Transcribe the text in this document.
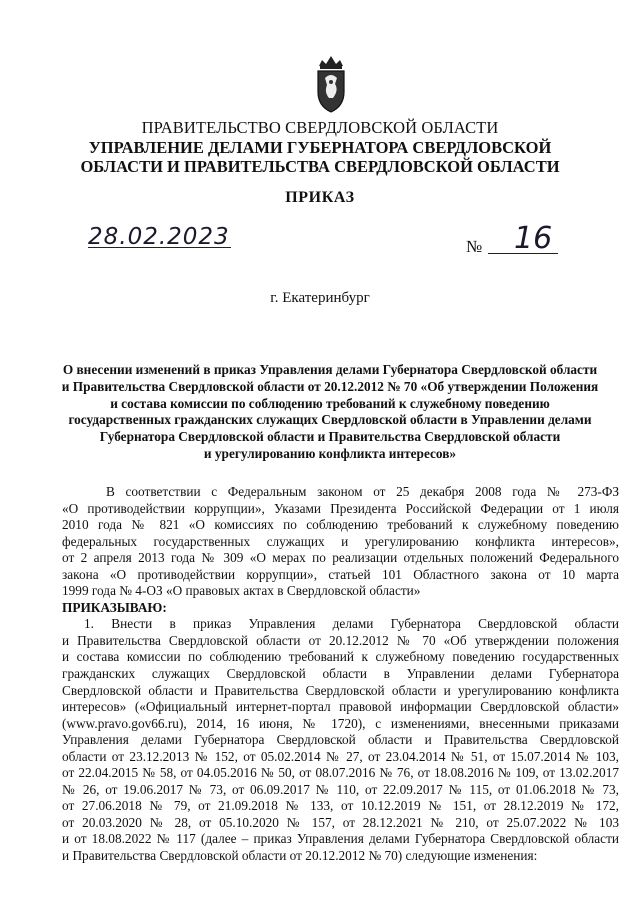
ПРАВИТЕЛЬСТВО СВЕРДЛОВСКОЙ ОБЛАСТИ
УПРАВЛЕНИЕ ДЕЛАМИ ГУБЕРНАТОРА СВЕРДЛОВСКОЙ
ОБЛАСТИ И ПРАВИТЕЛЬСТВА СВЕРДЛОВСКОЙ ОБЛАСТИ
ПРИКАЗ
28.02.2023	№ 16
г. Екатеринбург
О внесении изменений в приказ Управления делами Губернатора Свердловской области
и Правительства Свердловской области от 20.12.2012 № 70 «Об утверждении Положения
и состава комиссии по соблюдению требований к служебному поведению
государственных гражданских служащих Свердловской области в Управлении делами
Губернатора Свердловской области и Правительства Свердловской области
и урегулированию конфликта интересов»
В соответствии с Федеральным законом от 25 декабря 2008 года № 273-ФЗ
«О противодействии коррупции», Указами Президента Российской Федерации от 1 июля
2010 года № 821 «О комиссиях по соблюдению требований к служебному поведению
федеральных государственных служащих и урегулированию конфликта интересов»,
от 2 апреля 2013 года № 309 «О мерах по реализации отдельных положений Федерального
закона «О противодействии коррупции», статьей 101 Областного закона от 10 марта
1999 года № 4-ОЗ «О правовых актах в Свердловской области»
ПРИКАЗЫВАЮ:
1. Внести в приказ Управления делами Губернатора Свердловской области
и Правительства Свердловской области от 20.12.2012 № 70 «Об утверждении положения
и состава комиссии по соблюдению требований к служебному поведению государственных
гражданских служащих Свердловской области в Управлении делами Губернатора
Свердловской области и Правительства Свердловской области и урегулированию конфликта
интересов» («Официальный интернет-портал правовой информации Свердловской области»
(www.pravo.gov66.ru), 2014, 16 июня, № 1720), с изменениями, внесенными приказами
Управления делами Губернатора Свердловской области и Правительства Свердловской
области от 23.12.2013 № 152, от 05.02.2014 № 27, от 23.04.2014 № 51, от 15.07.2014 № 103,
от 22.04.2015 № 58, от 04.05.2016 № 50, от 08.07.2016 № 76, от 18.08.2016 № 109, от 13.02.2017
№ 26, от 19.06.2017 № 73, от 06.09.2017 № 110, от 22.09.2017 № 115, от 01.06.2018 № 73,
от 27.06.2018 № 79, от 21.09.2018 № 133, от 10.12.2019 № 151, от 28.12.2019 № 172,
от 20.03.2020 № 28, от 05.10.2020 № 157, от 28.12.2021 № 210, от 25.07.2022 № 103
и от 18.08.2022 № 117 (далее – приказ Управления делами Губернатора Свердловской области
и Правительства Свердловской области от 20.12.2012 № 70) следующие изменения:
